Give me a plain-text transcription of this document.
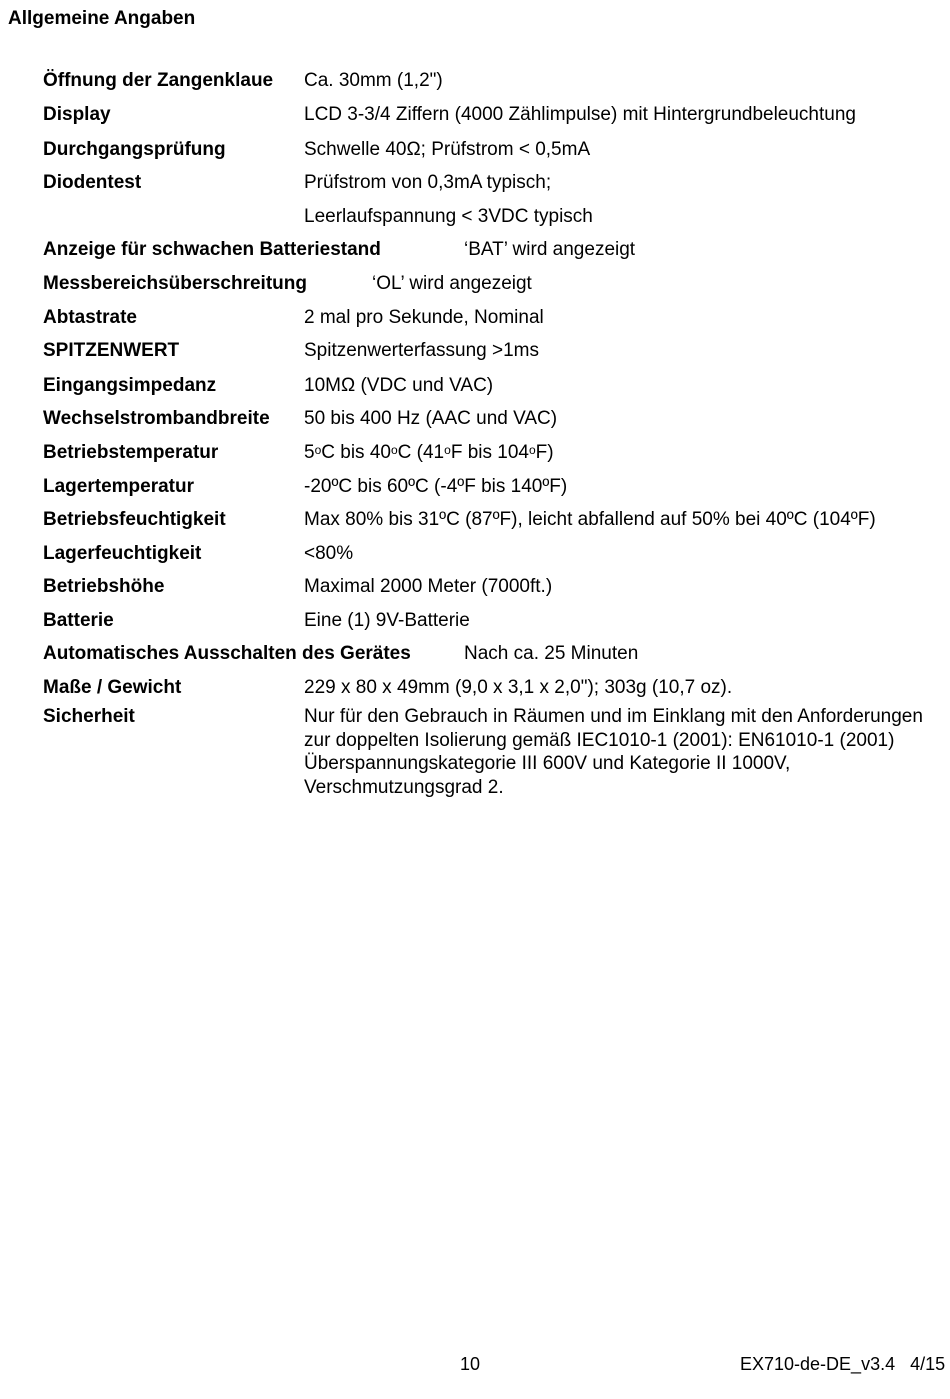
Allgemeine Angaben
Öffnung der Zangenklaue Ca. 30mm (1,2")
Display	LCD 3-3/4 Ziffern (4000 Zählimpulse) mit Hintergrundbeleuchtung
Durchgangsprüfung	Schwelle 40Ω; Prüfstrom < 0,5mA
Diodentest	Prüfstrom von 0,3mA typisch;
Leerlaufspannung < 3VDC typisch
Anzeige für schwachen Batteriestand	‘BAT’ wird angezeigt
Messbereichsüberschreitung	‘OL’ wird angezeigt
Abtastrate	2 mal pro Sekunde, Nominal
SPITZENWERT	Spitzenwerterfassung >1ms
Eingangsimpedanz	10MΩ (VDC und VAC)
Wechselstrombandbreite 50 bis 400 Hz (AAC und VAC)
Betriebstemperatur	5$^o$C bis 40$^o$C (41$^o$F bis 104$^o$F)
Lagertemperatur	-20ºC bis 60ºC (-4ºF bis 140ºF)
Betriebsfeuchtigkeit	Max 80% bis 31ºC (87ºF), leicht abfallend auf 50% bei 40ºC (104ºF)
Lagerfeuchtigkeit	<80%
Betriebshöhe	Maximal 2000 Meter (7000ft.)
Batterie	Eine (1) 9V-Batterie
Automatisches Ausschalten des Gerätes	Nach ca. 25 Minuten
Maße / Gewicht	229 x 80 x 49mm (9,0 x 3,1 x 2,0"); 303g (10,7 oz).
Sicherheit	Nur für den Gebrauch in Räumen und im Einklang mit den Anforderungen zur doppelten Isolierung gemäß IEC1010-1 (2001): EN61010-1 (2001) Überspannungskategorie III 600V und Kategorie II 1000V, Verschmutzungsgrad 2.
10	EX710-de-DE_v3.4   4/15
